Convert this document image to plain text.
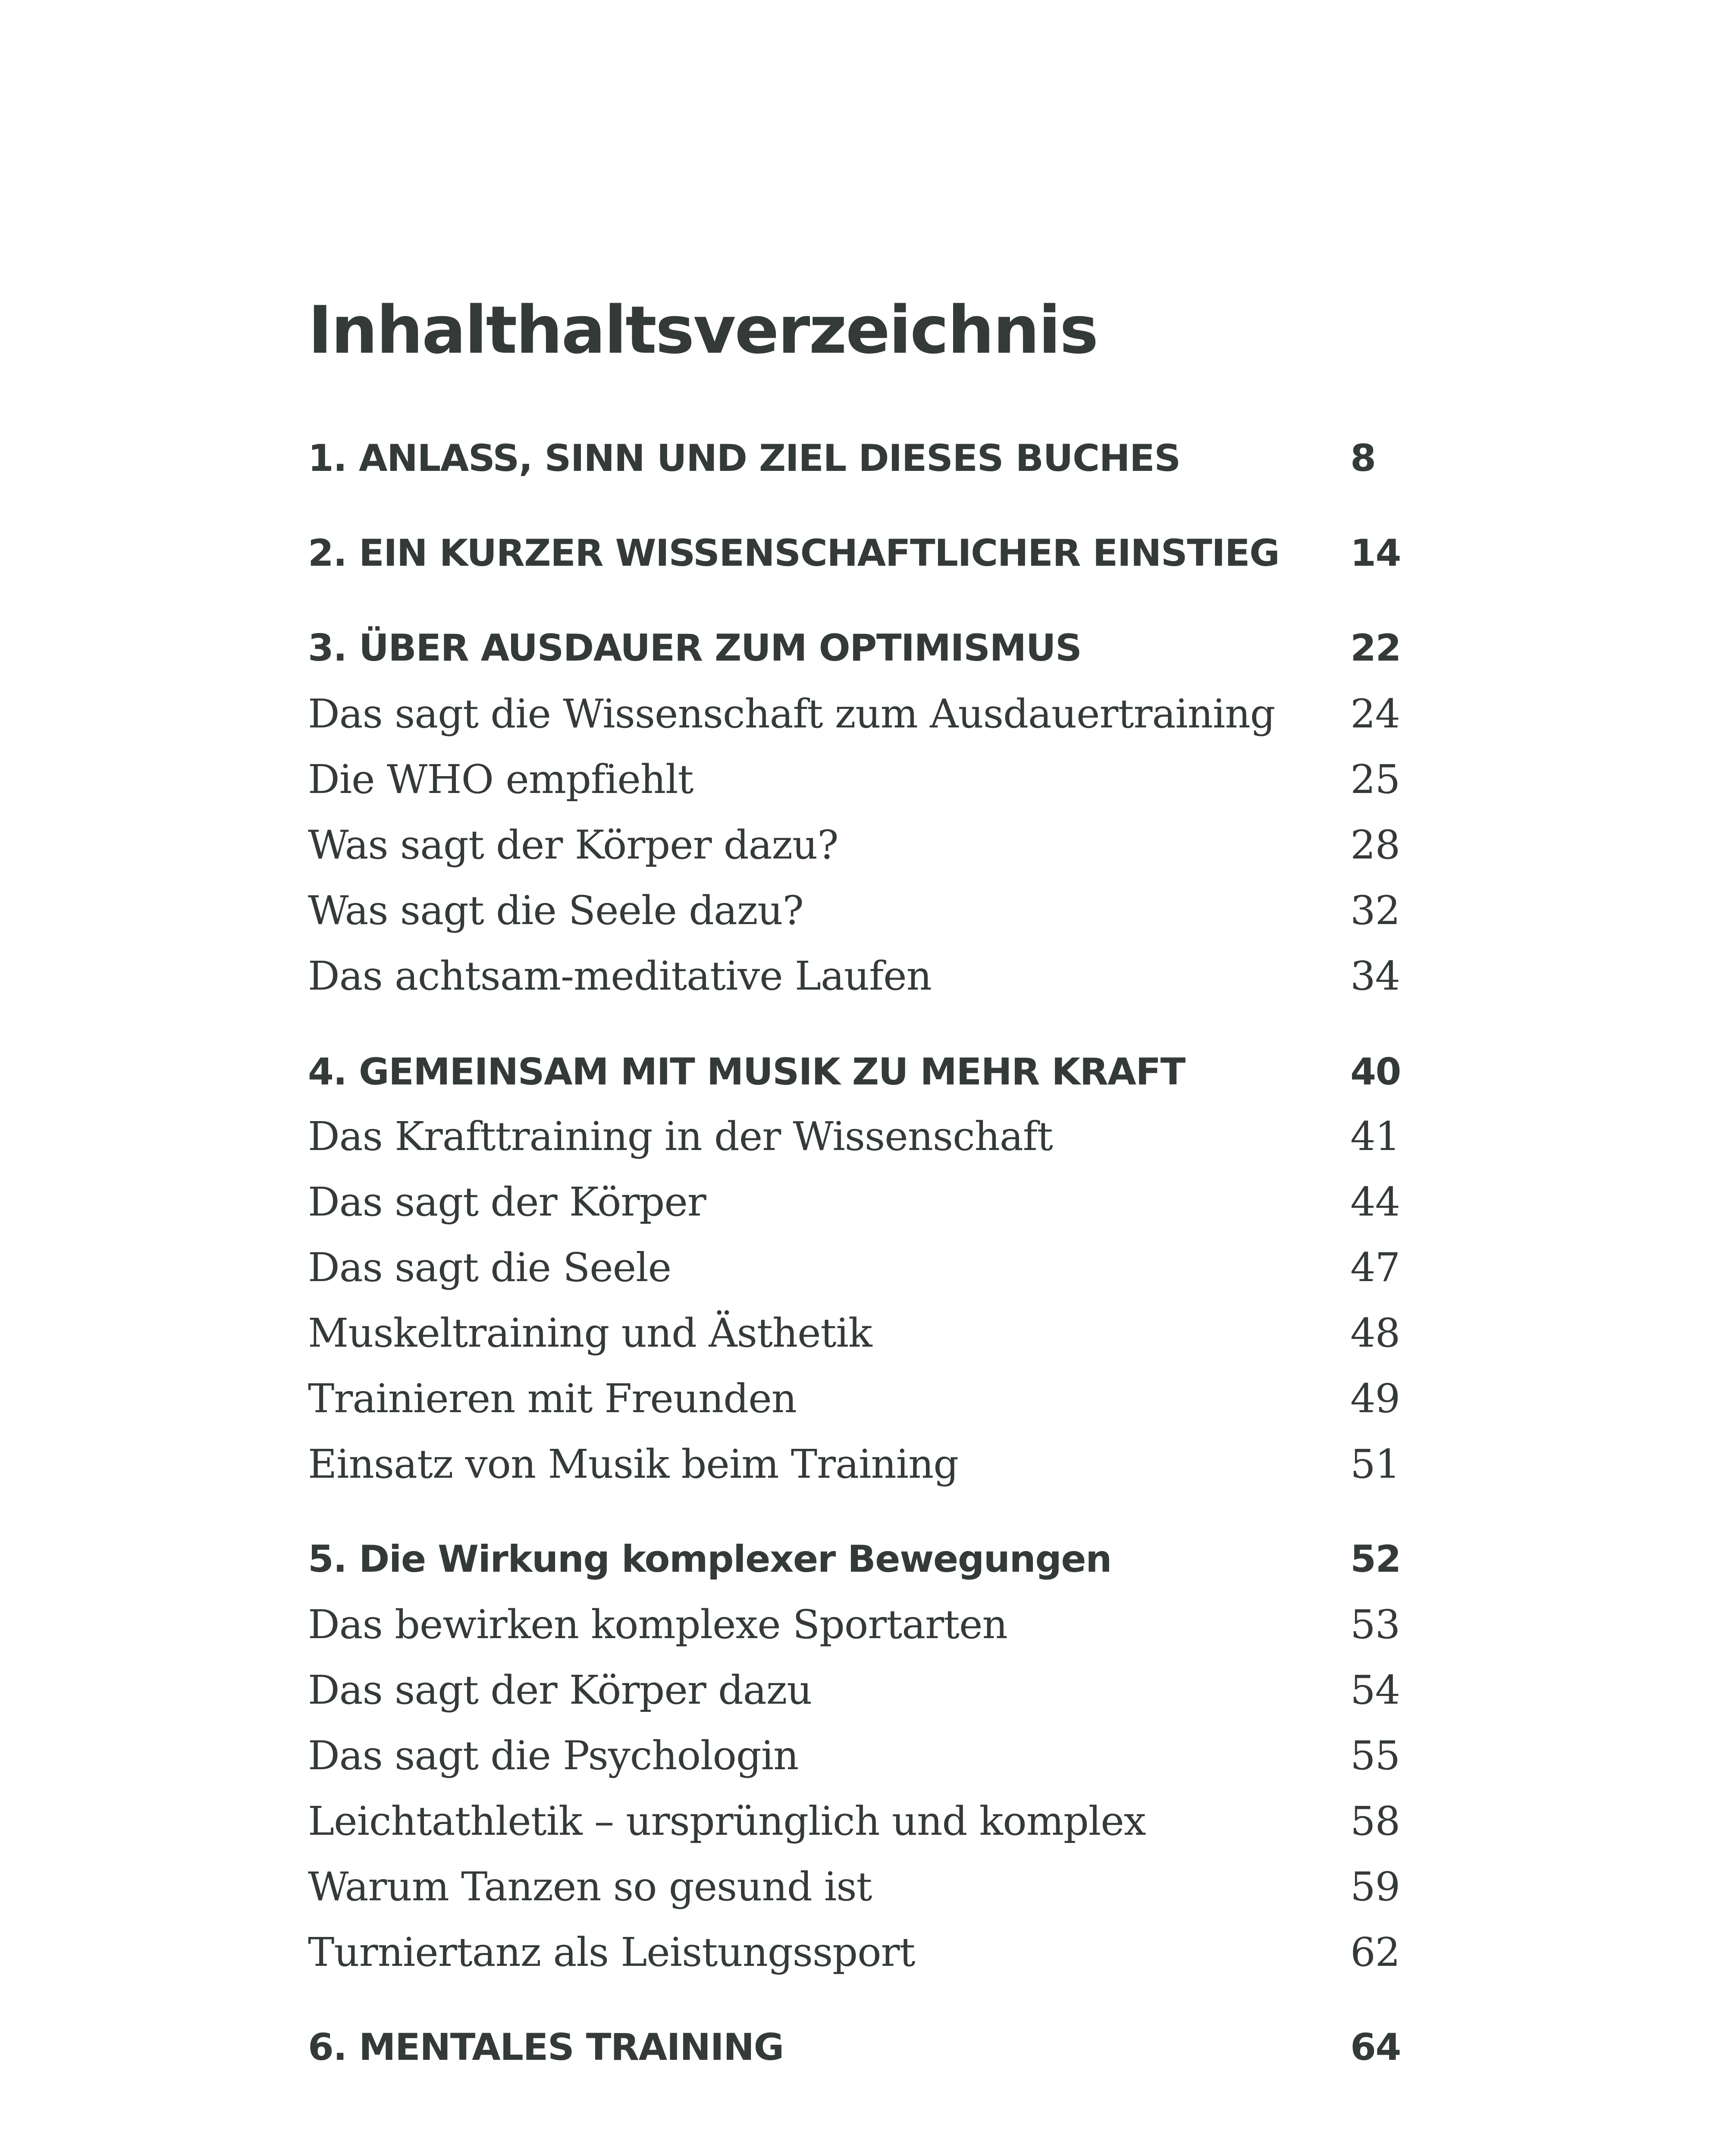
Inhalthaltsverzeichnis
1. ANLASS, SINN UND ZIEL DIESES BUCHES	8
2. EIN KURZER WISSENSCHAFTLICHER EINSTIEG 14
3. ÜBER AUSDAUER ZUM OPTIMISMUS	22
Das sagt die Wissenschaft zum Ausdauertraining 24
Die WHO empfiehlt	25
Was sagt der Körper dazu?	28
Was sagt die Seele dazu?	32
Das achtsam-meditative Laufen	34
4. GEMEINSAM MIT MUSIK ZU MEHR KRAFT	40
Das Krafttraining in der Wissenschaft	41
Das sagt der Körper	44
Das sagt die Seele	47
Muskeltraining und Ästhetik	48
Trainieren mit Freunden	49
Einsatz von Musik beim Training	51
5. Die Wirkung komplexer Bewegungen	52
Das bewirken komplexe Sportarten	53
Das sagt der Körper dazu	54
Das sagt die Psychologin	55
Leichtathletik – ursprünglich und komplex	58
Warum Tanzen so gesund ist	59
Turniertanz als Leistungssport	62
6. MENTALES TRAINING	64
